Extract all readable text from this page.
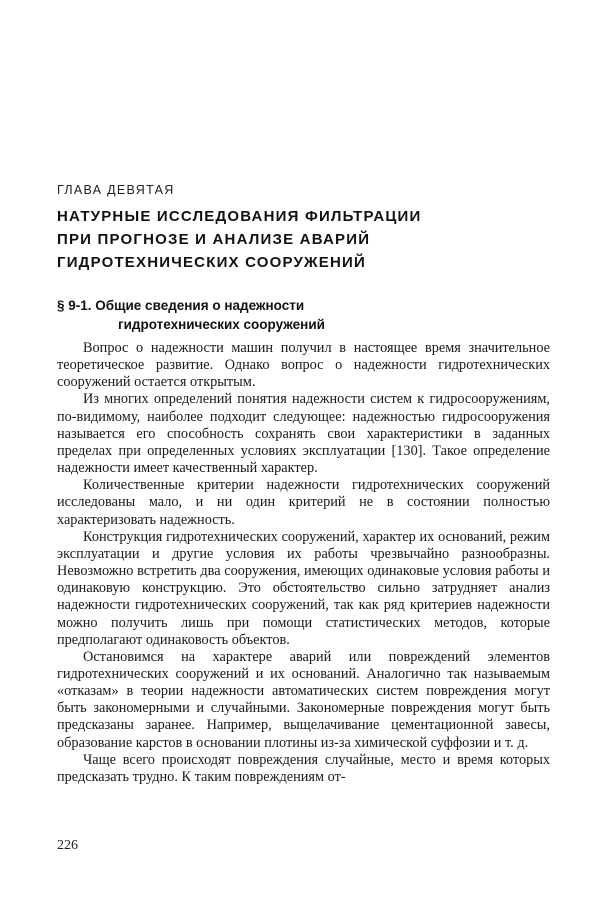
ГЛАВА ДЕВЯТАЯ
НАТУРНЫЕ ИССЛЕДОВАНИЯ ФИЛЬТРАЦИИ
ПРИ ПРОГНОЗЕ И АНАЛИЗЕ АВАРИЙ
ГИДРОТЕХНИЧЕСКИХ СООРУЖЕНИЙ
§ 9-1. Общие сведения о надежности
гидротехнических сооружений

Вопрос о надежности машин получил в настоящее время значительное теоретическое развитие. Однако вопрос о надежности гидротехнических сооружений остается открытым.

Из многих определений понятия надежности систем к гидросооружениям, по-видимому, наиболее подходит следующее: надежностью гидросооружения называется его способность сохранять свои характеристики в заданных пределах при определенных условиях эксплуатации [130]. Такое определение надежности имеет качественный характер.

Количественные критерии надежности гидротехнических сооружений исследованы мало, и ни один критерий не в состоянии полностью характеризовать надежность.

Конструкция гидротехнических сооружений, характер их оснований, режим эксплуатации и другие условия их работы чрезвычайно разнообразны. Невозможно встретить два сооружения, имеющих одинаковые условия работы и одинаковую конструкцию. Это обстоятельство сильно затрудняет анализ надежности гидротехнических сооружений, так как ряд критериев надежности можно получить лишь при помощи статистических методов, которые предполагают одинаковость объектов.

Остановимся на характере аварий или повреждений элементов гидротехнических сооружений и их оснований. Аналогично так называемым «отказам» в теории надежности автоматических систем повреждения могут быть закономерными и случайными. Закономерные повреждения могут быть предсказаны заранее. Например, выщелачивание цементационной завесы, образование карстов в основании плотины из-за химической суффозии и т. д.

Чаще всего происходят повреждения случайные, место и время которых предсказать трудно. К таким повреждениям от-

226
